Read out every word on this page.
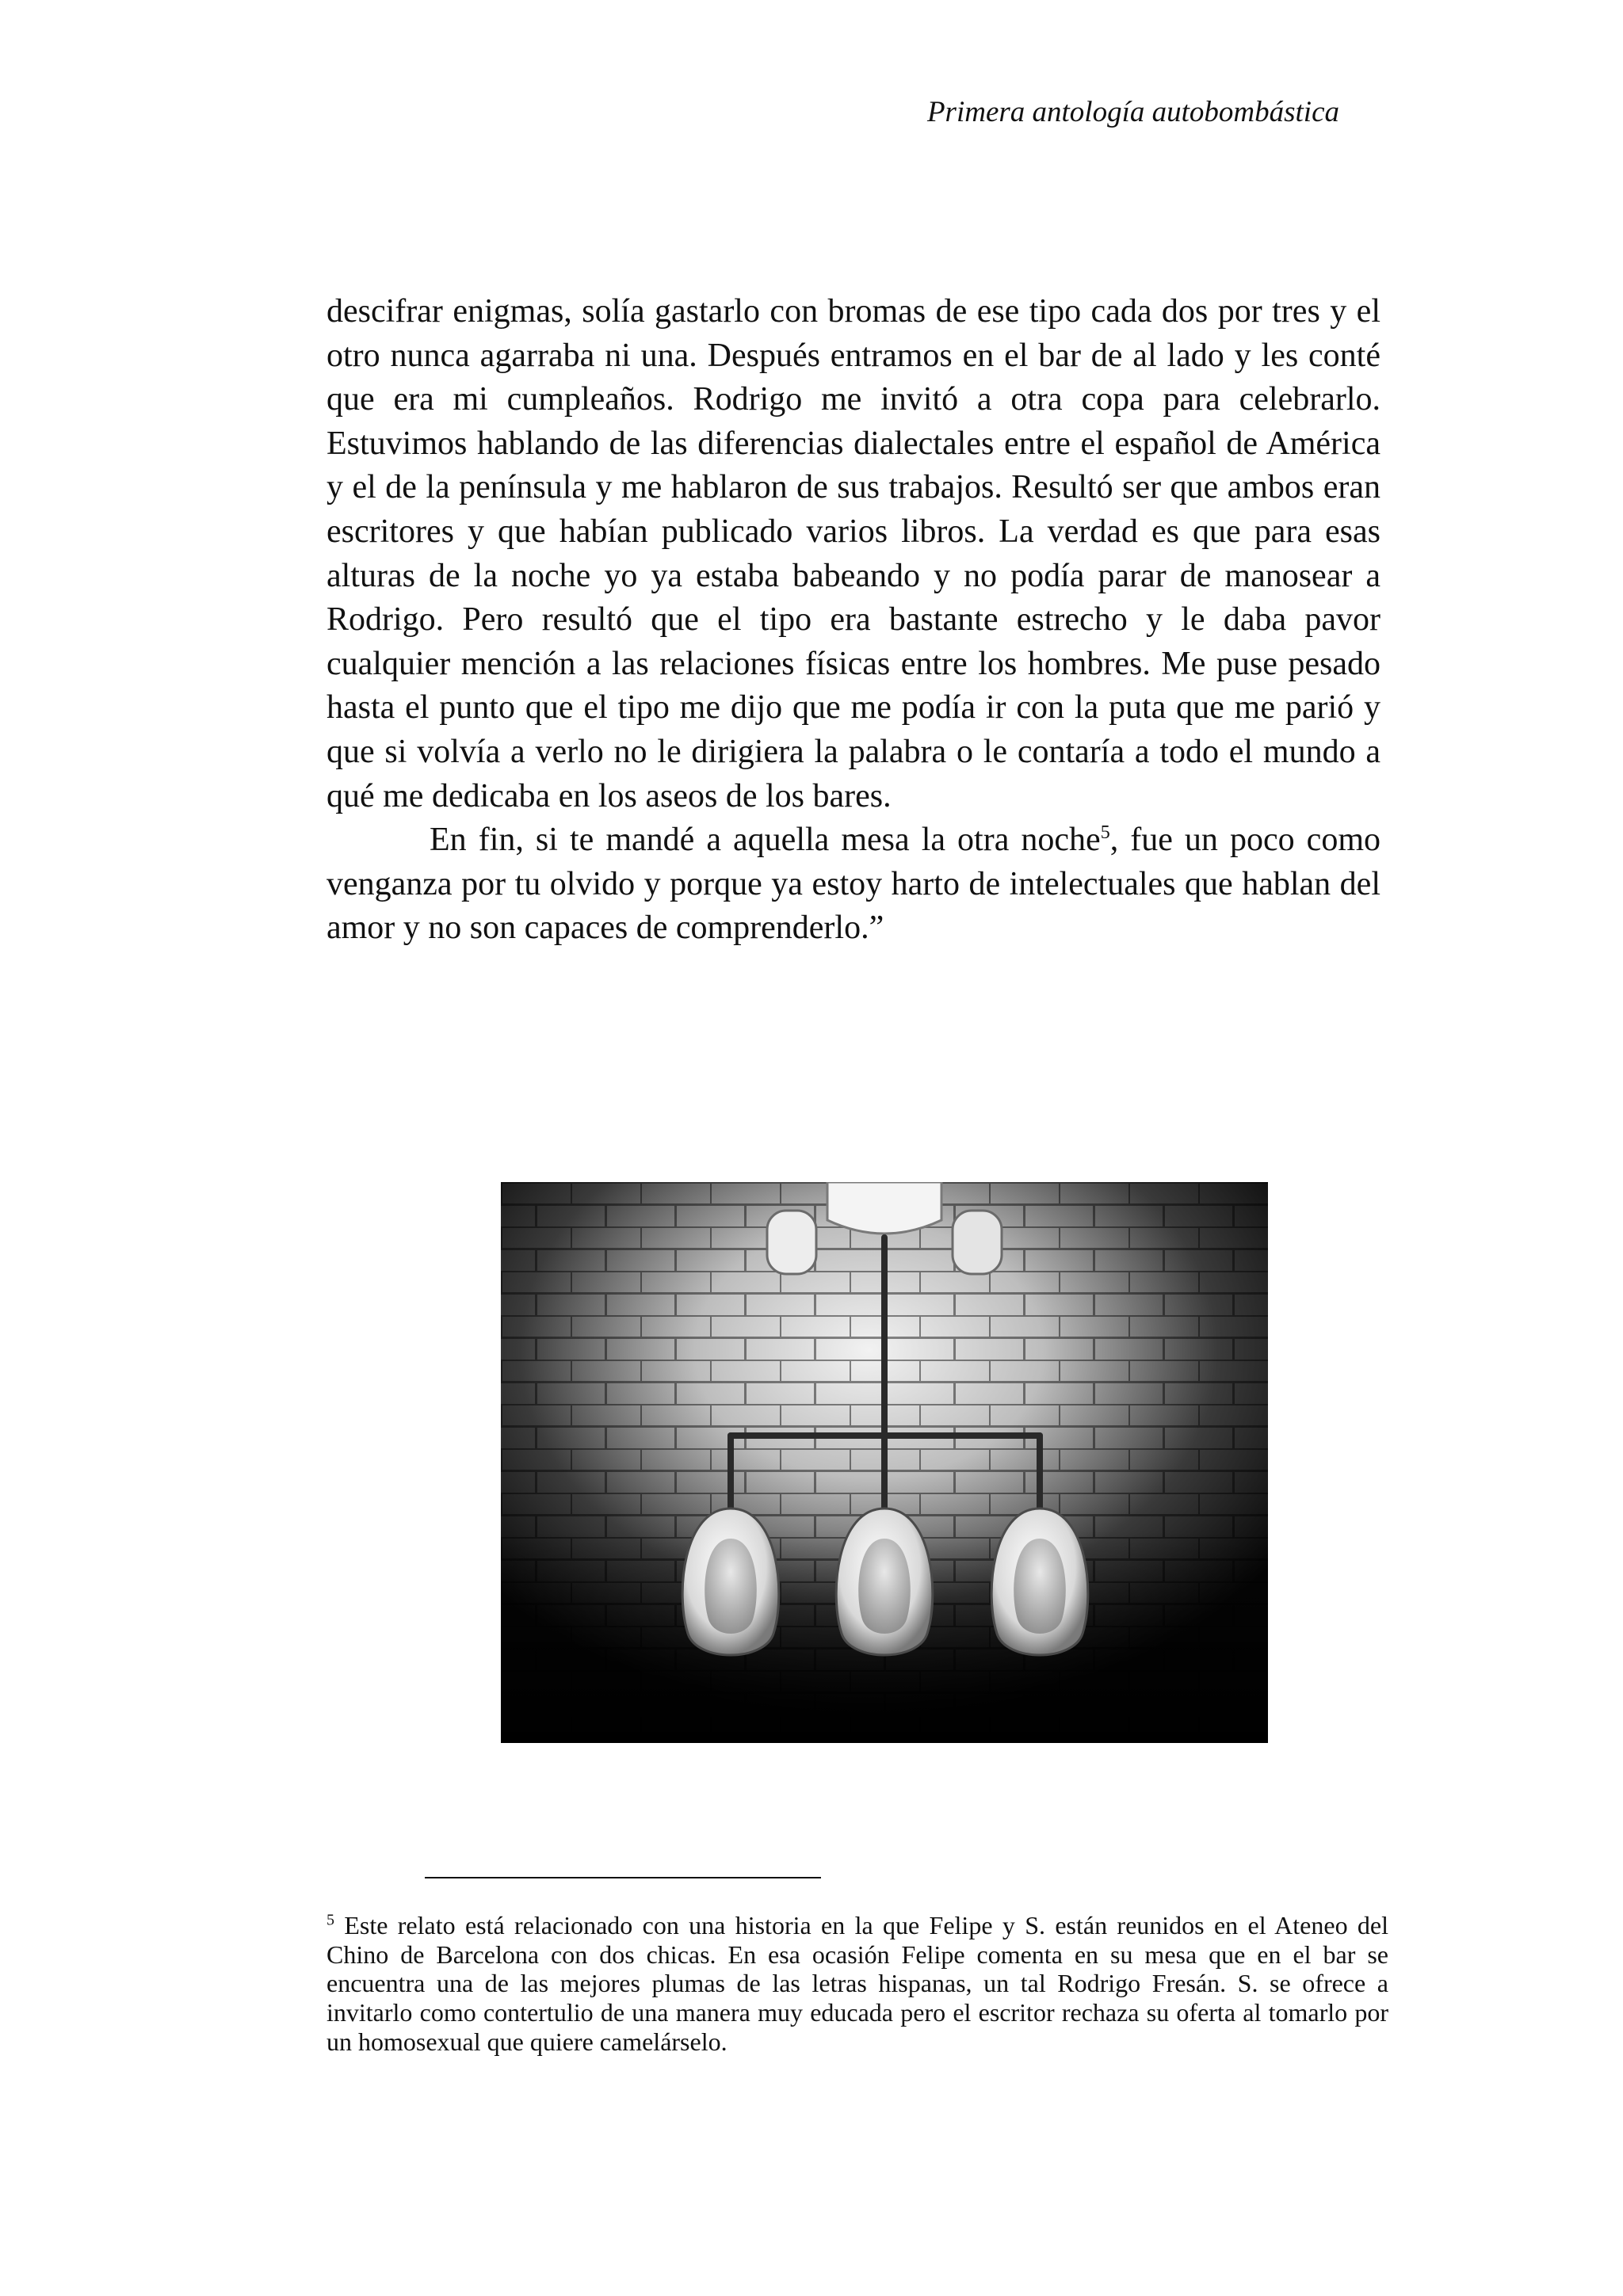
Primera antología autobombástica

descifrar enigmas, solía gastarlo con bromas de ese tipo cada dos por tres y el otro nunca agarraba ni una. Después entramos en el bar de al lado y les conté que era mi cumpleaños. Rodrigo me invitó a otra copa para celebrarlo. Estuvimos hablando de las diferencias dialectales entre el español de América y el de la península y me hablaron de sus trabajos. Resultó ser que ambos eran escritores y que habían publicado varios libros. La verdad es que para esas alturas de la noche yo ya estaba babeando y no podía parar de manosear a Rodrigo. Pero resultó que el tipo era bastante estrecho y le daba pavor cualquier mención a las relaciones físicas entre los hombres. Me puse pesado hasta el punto que el tipo me dijo que me podía ir con la puta que me parió y que si volvía a verlo no le dirigiera la palabra o le contaría a todo el mundo a qué me dedicaba en los aseos de los bares.

En fin, si te mandé a aquella mesa la otra noche$^5$, fue un poco como venganza por tu olvido y porque ya estoy harto de intelectuales que hablan del amor y no son capaces de comprenderlo.”

$^5$ Este relato está relacionado con una historia en la que Felipe y S. están reunidos en el Ateneo del Chino de Barcelona con dos chicas. En esa ocasión Felipe comenta en su mesa que en el bar se encuentra una de las mejores plumas de las letras hispanas, un tal Rodrigo Fresán. S. se ofrece a invitarlo como contertulio de una manera muy educada pero el escritor rechaza su oferta al tomarlo por un homosexual que quiere camelárselo.
